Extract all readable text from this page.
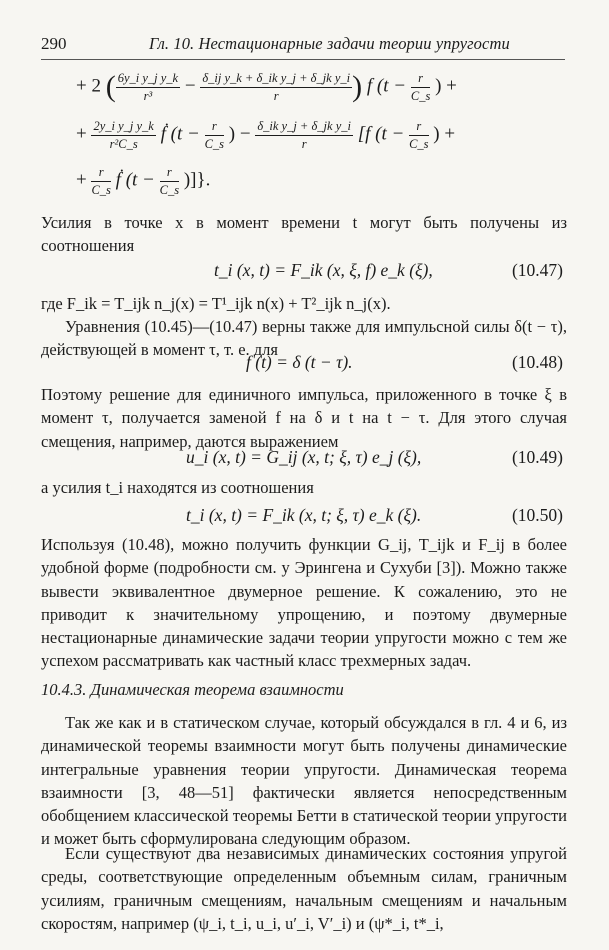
290	Гл. 10. Нестационарные задачи теории упругости
+ 2 ( $\frac{\text{6y\_i y\_j y\_k}}{\text{r³}} - \frac{\text{δ\_ij y\_k + δ\_ik y\_j + δ\_jk y\_i}}{r}$ ) f ($t - \frac{r}{C\_s}$ ) +
+ $\frac{\text{2y\_i y\_j y\_k}}{\text{r²C\_s}}$ ḟ ($t - \frac{r}{C\_s}$ ) − $\frac{\text{δ\_ik y\_j + δ\_jk y\_i}}{r} [f$ ($t - \frac{r}{C\_s}$ ) +
+ $\frac{r}{C\_s}$ ḟ ($t - \frac{r}{C\_s}$ )]}.

Усилия в точке x в момент времени t могут быть получены из соотношения

t_i (x, t) = F_ik (x, ξ, f) e_k (ξ),	(10.47)

где F_ik = T_ijk n_j(x) = T¹_ijk n(x) + T²_ijk n_j(x).

Уравнения (10.45)—(10.47) верны также для импульсной силы δ(t − τ), действующей в момент τ, т. е. для

f (t) = δ (t − τ).	(10.48)

Поэтому решение для единичного импульса, приложенного в точке ξ в момент τ, получается заменой f на δ и t на t − τ. Для этого случая смещения, например, даются выражением

u_i (x, t) = G_ij (x, t; ξ, τ) e_j (ξ),	(10.49)

а усилия t_i находятся из соотношения

t_i (x, t) = F_ik (x, t; ξ, τ) e_k (ξ).	(10.50)

Используя (10.48), можно получить функции G_ij, T_ijk и F_ij в более удобной форме (подробности см. у Эрингена и Сухуби [3]). Можно также вывести эквивалентное двумерное решение. К сожалению, это не приводит к значительному упрощению, и поэтому двумерные нестационарные динамические задачи теории упругости можно с тем же успехом рассматривать как частный класс трехмерных задач.

10.4.3. Динамическая теорема взаимности

Так же как и в статическом случае, который обсуждался в гл. 4 и 6, из динамической теоремы взаимности могут быть получены динамические интегральные уравнения теории упругости. Динамическая теорема взаимности [3, 48—51] фактически является непосредственным обобщением классической теоремы Бетти в статической теории упругости и может быть сформулирована следующим образом.

Если существуют два независимых динамических состояния упругой среды, соответствующие определенным объемным силам, граничным усилиям, граничным смещениям, начальным смещениям и начальным скоростям, например (ψ_i, t_i, u_i, u′_i, V′_i) и (ψ*_i, t*_i,
